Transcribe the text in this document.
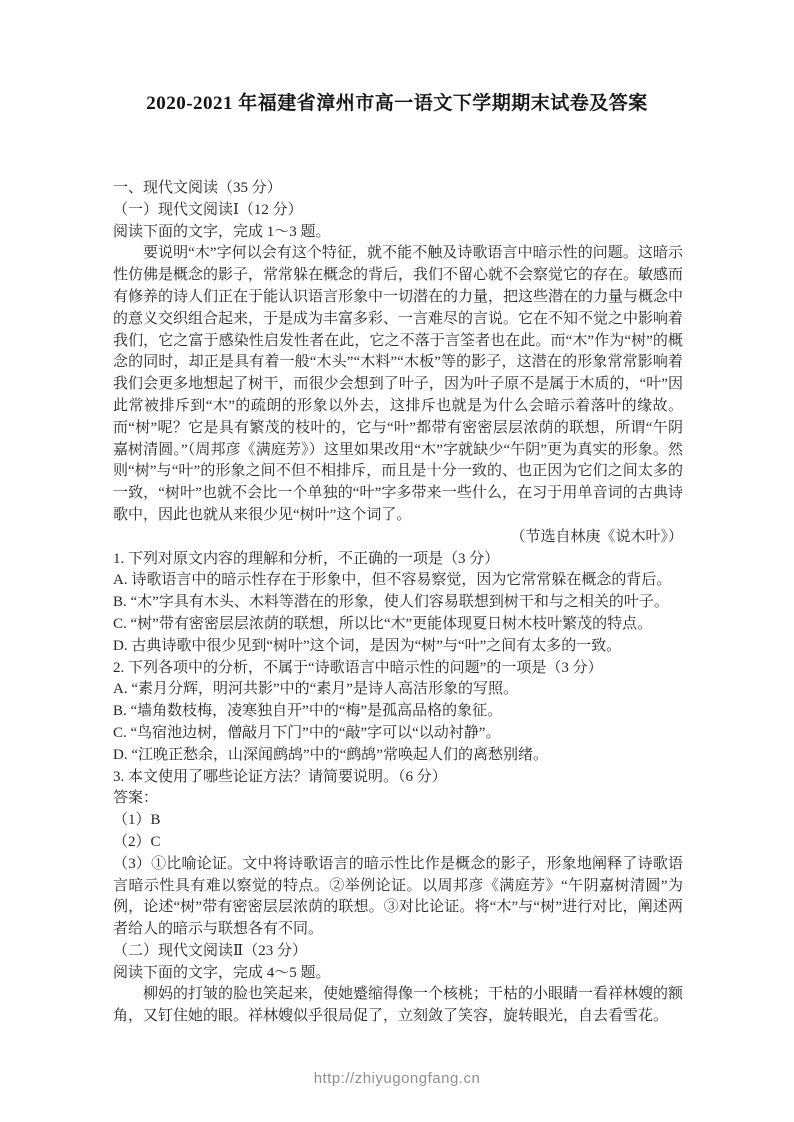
2020-2021 年福建省漳州市高一语文下学期期末试卷及答案

一、现代文阅读（35 分）

（一）现代文阅读Ⅰ（12 分）

阅读下面的文字，完成 1～3 题。

要说明“木”字何以会有这个特征，就不能不触及诗歌语言中暗示性的问题。这暗示性仿佛是概念的影子，常常躲在概念的背后，我们不留心就不会察觉它的存在。敏感而有修养的诗人们正在于能认识语言形象中一切潜在的力量，把这些潜在的力量与概念中的意义交织组合起来，于是成为丰富多彩、一言难尽的言说。它在不知不觉之中影响着我们，它之富于感染性启发性者在此，它之不落于言筌者也在此。而“木”作为“树”的概念的同时，却正是具有着一般“木头”“木料”“木板”等的影子，这潜在的形象常常影响着我们会更多地想起了树干，而很少会想到了叶子，因为叶子原不是属于木质的，“叶”因此常被排斥到“木”的疏朗的形象以外去，这排斥也就是为什么会暗示着落叶的缘故。而“树”呢？它是具有繁茂的枝叶的，它与“叶”都带有密密层层浓荫的联想，所谓“午阴嘉树清圆。”（周邦彦《满庭芳》）这里如果改用“木”字就缺少“午阴”更为真实的形象。然则“树”与“叶”的形象之间不但不相排斥，而且是十分一致的、也正因为它们之间太多的一致，“树叶”也就不会比一个单独的“叶”字多带来一些什么，在习于用单音词的古典诗歌中，因此也就从来很少见“树叶”这个词了。

（节选自林庚《说木叶》）

1. 下列对原文内容的理解和分析，不正确的一项是（3 分）

A. 诗歌语言中的暗示性存在于形象中，但不容易察觉，因为它常常躲在概念的背后。

B. “木”字具有木头、木料等潜在的形象，使人们容易联想到树干和与之相关的叶子。

C. “树”带有密密层层浓荫的联想，所以比“木”更能体现夏日树木枝叶繁茂的特点。

D. 古典诗歌中很少见到“树叶”这个词，是因为“树”与“叶”之间有太多的一致。

2. 下列各项中的分析，不属于“诗歌语言中暗示性的问题”的一项是（3 分）

A. “素月分辉，明河共影”中的“素月”是诗人高洁形象的写照。

B. “墙角数枝梅，凌寒独自开”中的“梅”是孤高品格的象征。

C. “鸟宿池边树，僧敲月下门”中的“敲”字可以“以动衬静”。

D. “江晚正愁余，山深闻鹧鸪”中的“鹧鸪”常唤起人们的离愁别绪。

3. 本文使用了哪些论证方法？请简要说明。（6 分）

答案：

（1）B

（2）C

（3）①比喻论证。文中将诗歌语言的暗示性比作是概念的影子，形象地阐释了诗歌语言暗示性具有难以察觉的特点。②举例论证。以周邦彦《满庭芳》“午阴嘉树清圆”为例，论述“树”带有密密层层浓荫的联想。③对比论证。将“木”与“树”进行对比，阐述两者给人的暗示与联想各有不同。

（二）现代文阅读Ⅱ（23 分）

阅读下面的文字，完成 4～5 题。

柳妈的打皱的脸也笑起来，使她蹙缩得像一个核桃；干枯的小眼睛一看祥林嫂的额角，又钉住她的眼。祥林嫂似乎很局促了，立刻敛了笑容，旋转眼光，自去看雪花。

http://zhiyugongfang.cn
